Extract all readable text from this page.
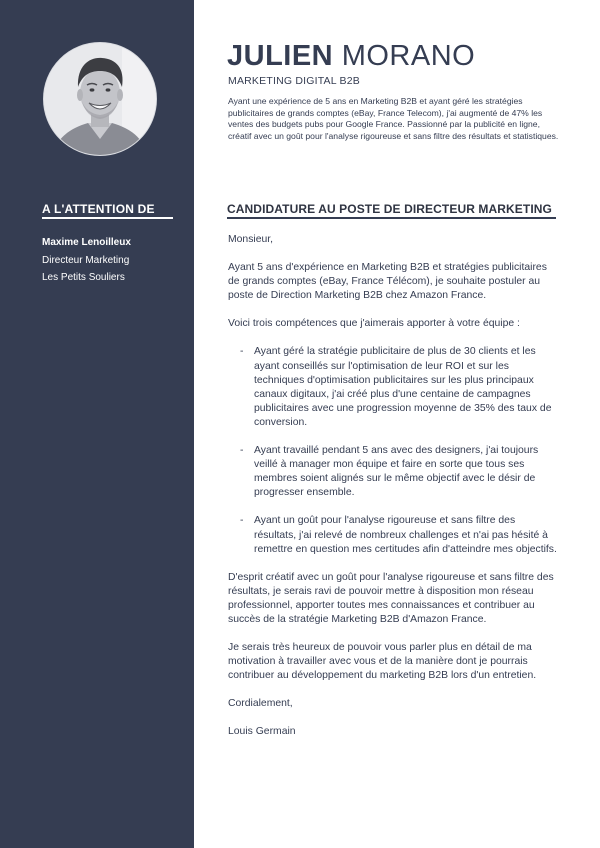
A L'ATTENTION DE
Maxime Lenoilleux
Directeur Marketing
Les Petits Souliers
JULIEN MORANO
MARKETING DIGITAL B2B

Ayant une expérience de 5 ans en Marketing B2B et ayant géré les stratégies publicitaires de grands comptes (eBay, France Telecom), j'ai augmenté de 47% les ventes des budgets pubs pour Google France. Passionné par la publicité en ligne, créatif avec un goût pour l'analyse rigoureuse et sans filtre des résultats et statistiques.

CANDIDATURE AU POSTE DE DIRECTEUR MARKETING

Monsieur,

Ayant 5 ans d'expérience en Marketing B2B et stratégies publicitaires de grands comptes (eBay, France Télécom), je souhaite postuler au poste de Direction Marketing B2B chez Amazon France.

Voici trois compétences que j'aimerais apporter à votre équipe :

- Ayant géré la stratégie publicitaire de plus de 30 clients et les ayant conseillés sur l'optimisation de leur ROI et sur les techniques d'optimisation publicitaires sur les plus principaux canaux digitaux, j'ai créé plus d'une centaine de campagnes publicitaires avec une progression moyenne de 35% des taux de conversion.
- Ayant travaillé pendant 5 ans avec des designers, j'ai toujours veillé à manager mon équipe et faire en sorte que tous ses membres soient alignés sur le même objectif avec le désir de progresser ensemble.
- Ayant un goût pour l'analyse rigoureuse et sans filtre des résultats, j'ai relevé de nombreux challenges et n'ai pas hésité à remettre en question mes certitudes afin d'atteindre mes objectifs.

D'esprit créatif avec un goût pour l'analyse rigoureuse et sans filtre des résultats, je serais ravi de pouvoir mettre à disposition mon réseau professionnel, apporter toutes mes connaissances et contribuer au succès de la stratégie Marketing B2B d'Amazon France.

Je serais très heureux de pouvoir vous parler plus en détail de ma motivation à travailler avec vous et de la manière dont je pourrais contribuer au développement du marketing B2B lors d'un entretien.

Cordialement,

Louis Germain
